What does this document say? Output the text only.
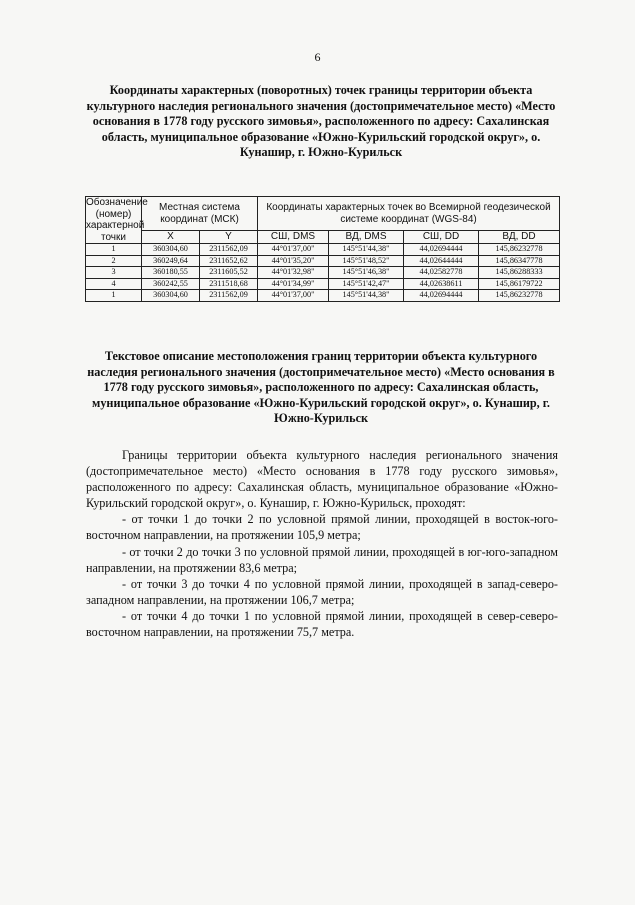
6
Координаты характерных (поворотных) точек границы территории объекта культурного наследия регионального значения (достопримечательное место) «Место основания в 1778 году русского зимовья», расположенного по адресу: Сахалинская область, муниципальное образование «Южно-Курильский городской округ», о. Кунашир, г. Южно-Курильск
Обозначение (номер) характерной точки	Местная система координат (МСК)		Координаты характерных точек во Всемирной геодезической системе координат (WGS-84)			
	X	Y	СШ, DMS	ВД, DMS	СШ, DD	ВД, DD
1	360304,60	2311562,09	44°01'37,00"	145°51'44,38"	44,02694444	145,86232778
2	360249,64	2311652,62	44°01'35,20"	145°51'48,52"	44,02644444	145,86347778
3	360180,55	2311605,52	44°01'32,98"	145°51'46,38"	44,02582778	145,86288333
4	360242,55	2311518,68	44°01'34,99"	145°51'42,47"	44,02638611	145,86179722
1	360304,60	2311562,09	44°01'37,00"	145°51'44,38"	44,02694444	145,86232778
Текстовое описание местоположения границ территории объекта культурного наследия регионального значения (достопримечательное место) «Место основания в 1778 году русского зимовья», расположенного по адресу: Сахалинская область, муниципальное образование «Южно-Курильский городской округ», о. Кунашир, г. Южно-Курильск

Границы территории объекта культурного наследия регионального значения (достопримечательное место) «Место основания в 1778 году русского зимовья», расположенного по адресу: Сахалинская область, муниципальное образование «Южно-Курильский городской округ», о. Кунашир, г. Южно-Курильск, проходят:

- от точки 1 до точки 2 по условной прямой линии, проходящей в восток-юго-восточном направлении, на протяжении 105,9 метра;

- от точки 2 до точки 3 по условной прямой линии, проходящей в юг-юго-западном направлении, на протяжении 83,6 метра;

- от точки 3 до точки 4 по условной прямой линии, проходящей в запад-северо-западном направлении, на протяжении 106,7 метра;

- от точки 4 до точки 1 по условной прямой линии, проходящей в север-северо-восточном направлении, на протяжении 75,7 метра.
